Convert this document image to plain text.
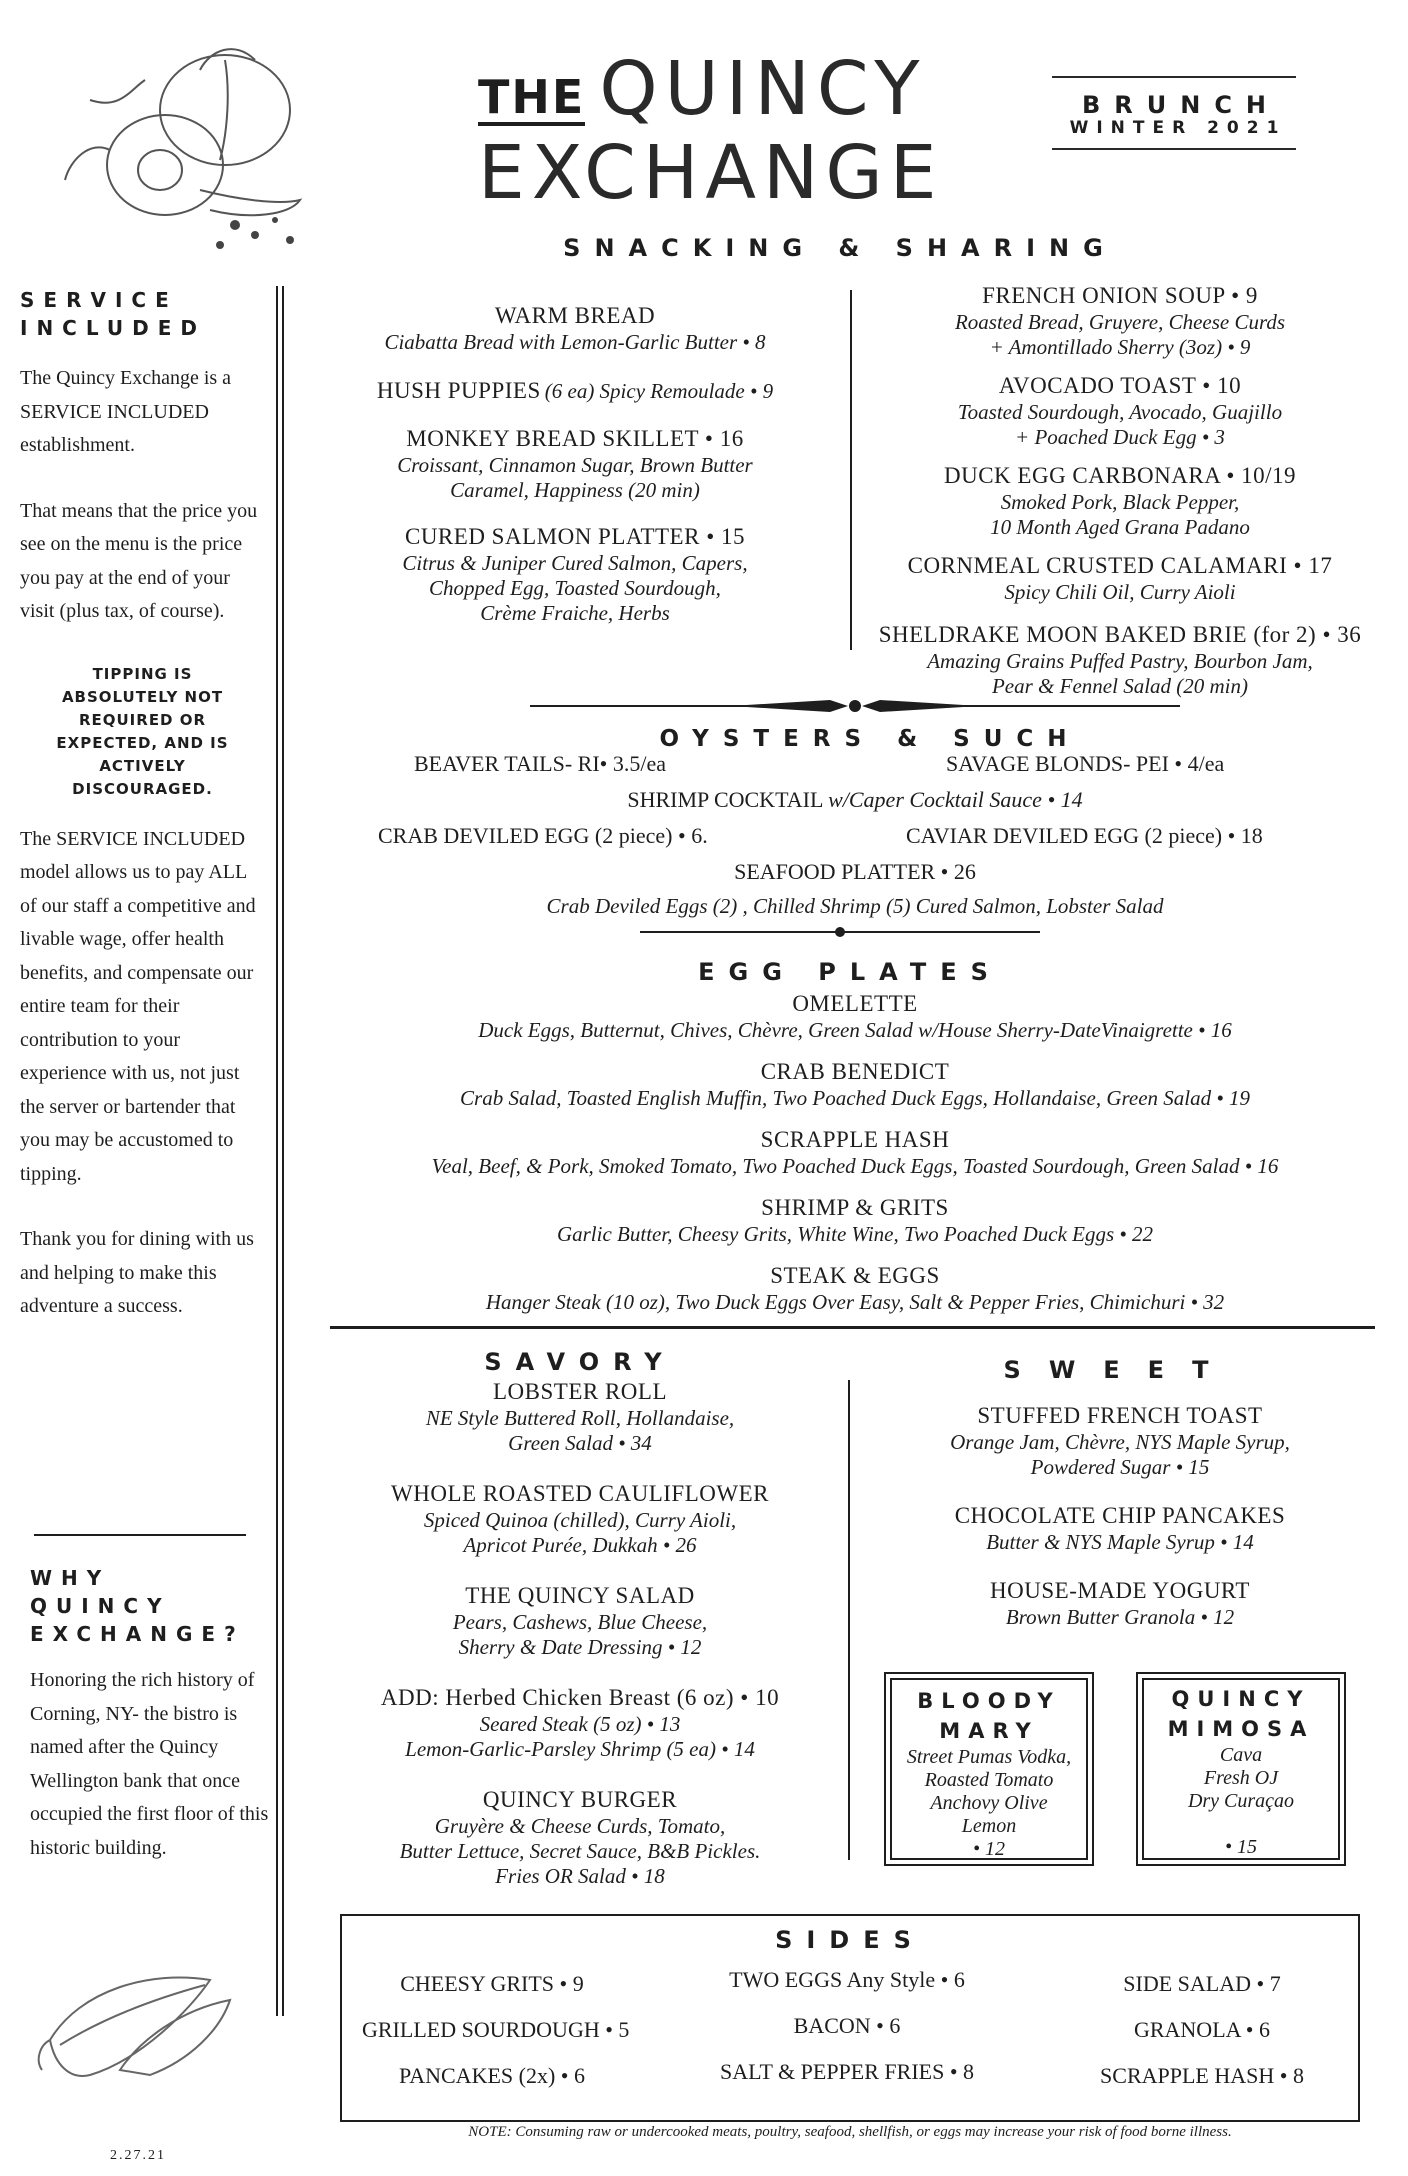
THE QUINCY
EXCHANGE
BRUNCH
WINTER 2021
SERVICE
INCLUDED
The Quincy Exchange is a SERVICE INCLUDED establishment.
That means that the price you see on the menu is the price you pay at the end of your visit (plus tax, of course).
TIPPING IS ABSOLUTELY NOT REQUIRED OR EXPECTED, AND IS ACTIVELY DISCOURAGED.
The SERVICE INCLUDED model allows us to pay ALL of our staff a competitive and livable wage, offer health benefits, and compensate our entire team for their contribution to your experience with us, not just the server or bartender that you may be accustomed to tipping.
Thank you for dining with us and helping to make this adventure a success.
WHY
QUINCY
EXCHANGE?
Honoring the rich history of Corning, NY- the bistro is named after the Quincy Wellington bank that once occupied the first floor of this historic building.
2.27.21
SNACKING & SHARING
WARM BREAD
Ciabatta Bread with Lemon-Garlic Butter • 8
HUSH PUPPIES (6 ea) Spicy Remoulade • 9
MONKEY BREAD SKILLET • 16
Croissant, Cinnamon Sugar, Brown Butter
Caramel, Happiness (20 min)
CURED SALMON PLATTER • 15
Citrus & Juniper Cured Salmon, Capers,
Chopped Egg, Toasted Sourdough,
Crème Fraiche, Herbs
FRENCH ONION SOUP • 9
Roasted Bread, Gruyere, Cheese Curds
+ Amontillado Sherry (3oz) • 9
AVOCADO TOAST • 10
Toasted Sourdough, Avocado, Guajillo
+ Poached Duck Egg • 3
DUCK EGG CARBONARA • 10/19
Smoked Pork, Black Pepper,
10 Month Aged Grana Padano
CORNMEAL CRUSTED CALAMARI • 17
Spicy Chili Oil, Curry Aioli
SHELDRAKE MOON BAKED BRIE (for 2) • 36
Amazing Grains Puffed Pastry, Bourbon Jam,
Pear & Fennel Salad (20 min)
OYSTERS & SUCH
BEAVER TAILS- RI• 3.5/ea	SAVAGE BLONDS- PEI • 4/ea
SHRIMP COCKTAIL w/Caper Cocktail Sauce • 14
CRAB DEVILED EGG (2 piece) • 6.	CAVIAR DEVILED EGG (2 piece) • 18
SEAFOOD PLATTER • 26
Crab Deviled Eggs (2) , Chilled Shrimp (5) Cured Salmon, Lobster Salad
EGG PLATES
OMELETTE
Duck Eggs, Butternut, Chives, Chèvre, Green Salad w/House Sherry-DateVinaigrette • 16
CRAB BENEDICT
Crab Salad, Toasted English Muffin, Two Poached Duck Eggs, Hollandaise, Green Salad • 19
SCRAPPLE HASH
Veal, Beef, & Pork, Smoked Tomato, Two Poached Duck Eggs, Toasted Sourdough, Green Salad • 16
SHRIMP & GRITS
Garlic Butter, Cheesy Grits, White Wine, Two Poached Duck Eggs • 22
STEAK & EGGS
Hanger Steak (10 oz), Two Duck Eggs Over Easy, Salt & Pepper Fries, Chimichuri • 32
SAVORY
LOBSTER ROLL
NE Style Buttered Roll, Hollandaise,
Green Salad • 34
WHOLE ROASTED CAULIFLOWER
Spiced Quinoa (chilled), Curry Aioli,
Apricot Purée, Dukkah • 26
THE QUINCY SALAD
Pears, Cashews, Blue Cheese,
Sherry & Date Dressing • 12
ADD: Herbed Chicken Breast (6 oz) • 10
Seared Steak (5 oz) • 13
Lemon-Garlic-Parsley Shrimp (5 ea) • 14
QUINCY BURGER
Gruyère & Cheese Curds, Tomato,
Butter Lettuce, Secret Sauce, B&B Pickles.
Fries OR Salad • 18
SWEET
STUFFED FRENCH TOAST
Orange Jam, Chèvre, NYS Maple Syrup,
Powdered Sugar • 15
CHOCOLATE CHIP PANCAKES
Butter & NYS Maple Syrup • 14
HOUSE-MADE YOGURT
Brown Butter Granola • 12
BLOODY
MARY
Street Pumas Vodka,
Roasted Tomato
Anchovy Olive
Lemon
• 12
QUINCY
MIMOSA
Cava
Fresh OJ
Dry Curaçao
• 15
SIDES
CHEESY GRITS • 9
GRILLED SOURDOUGH • 5
PANCAKES (2x) • 6
TWO EGGS Any Style • 6
BACON • 6
SALT & PEPPER FRIES • 8
SIDE SALAD • 7
GRANOLA • 6
SCRAPPLE HASH • 8
NOTE: Consuming raw or undercooked meats, poultry, seafood, shellfish, or eggs may increase your risk of food borne illness.
